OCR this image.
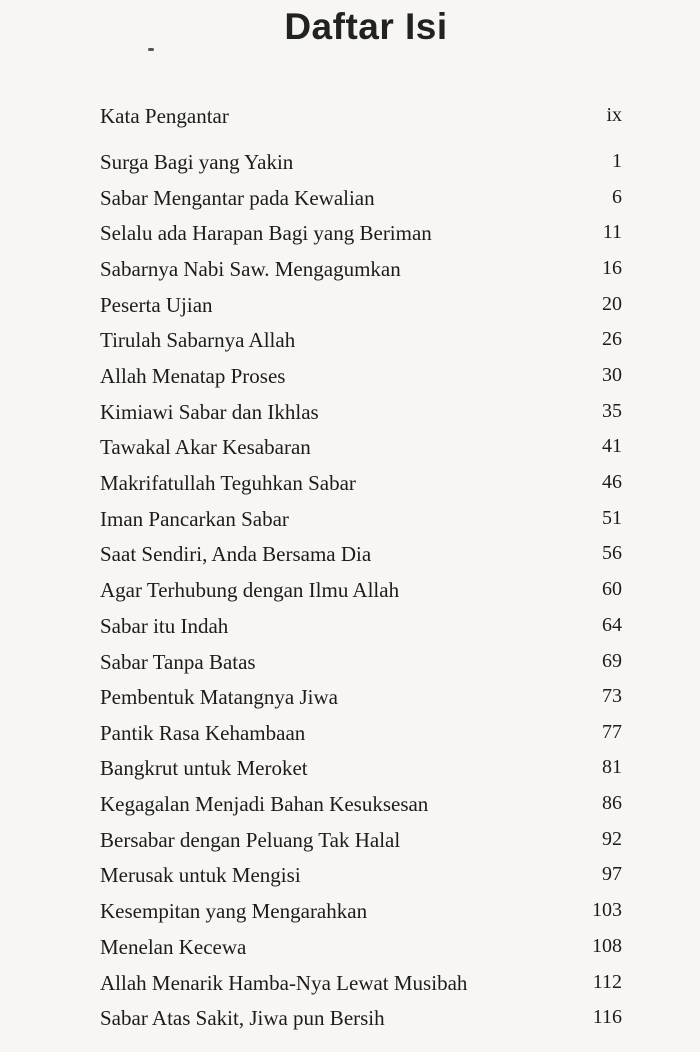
Daftar Isi
Kata Pengantar	ix
Surga Bagi yang Yakin	1
Sabar Mengantar pada Kewalian	6
Selalu ada Harapan Bagi yang Beriman	11
Sabarnya Nabi Saw. Mengagumkan	16
Peserta Ujian	20
Tirulah Sabarnya Allah	26
Allah Menatap Proses	30
Kimiawi Sabar dan Ikhlas	35
Tawakal Akar Kesabaran	41
Makrifatullah Teguhkan Sabar	46
Iman Pancarkan Sabar	51
Saat Sendiri, Anda Bersama Dia	56
Agar Terhubung dengan Ilmu Allah	60
Sabar itu Indah	64
Sabar Tanpa Batas	69
Pembentuk Matangnya Jiwa	73
Pantik Rasa Kehambaan	77
Bangkrut untuk Meroket	81
Kegagalan Menjadi Bahan Kesuksesan	86
Bersabar dengan Peluang Tak Halal	92
Merusak untuk Mengisi	97
Kesempitan yang Mengarahkan	103
Menelan Kecewa	108
Allah Menarik Hamba-Nya Lewat Musibah	112
Sabar Atas Sakit, Jiwa pun Bersih	116
